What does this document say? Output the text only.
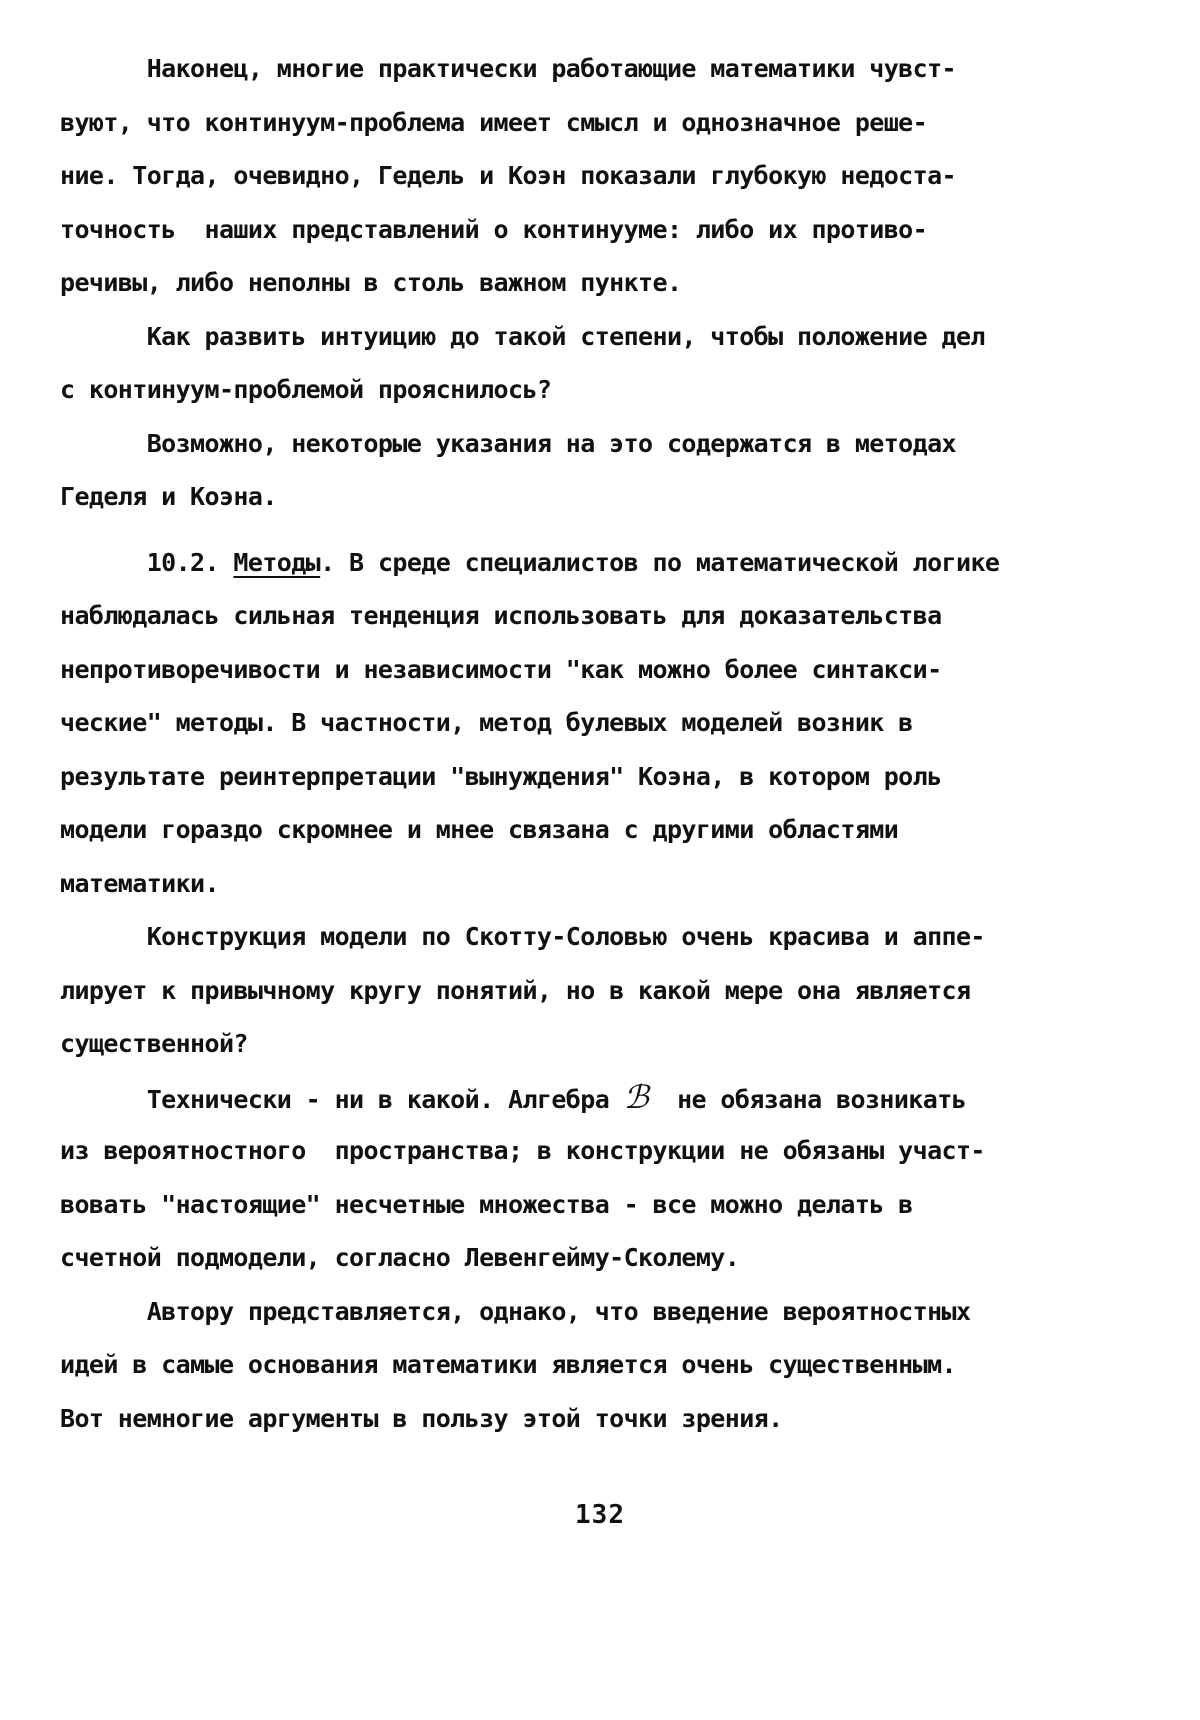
Наконец, многие практически работающие математики чувст-
вуют, что континуум-проблема имеет смысл и однозначное реше-
ние. Тогда, очевидно, Гедель и Коэн показали глубокую недоста-
точность  наших представлений о континууме: либо их противо-
речивы, либо неполны в столь важном пункте.
Как развить интуицию до такой степени, чтобы положение дел
с континуум-проблемой прояснилось?
Возможно, некоторые указания на это содержатся в методах
Геделя и Коэна.
10.2. Методы. В среде специалистов по математической логике
наблюдалась сильная тенденция использовать для доказательства
непротиворечивости и независимости "как можно более синтакси-
ческие" методы. В частности, метод булевых моделей возник в
результате реинтерпретации "вынуждения" Коэна, в котором роль
модели гораздо скромнее и мнее связана с другими областями
математики.
Конструкция модели по Скотту-Соловью очень красива и аппе-
лирует к привычному кругу понятий, но в какой мере она является
существенной?
Технически - ни в какой. Алгебра ℬ  не обязана возникать
из вероятностного  пространства; в конструкции не обязаны участ-
вовать "настоящие" несчетные множества - все можно делать в
счетной подмодели, согласно Левенгейму-Сколему.
Автору представляется, однако, что введение вероятностных
идей в самые основания математики является очень существенным.
Вот немногие аргументы в пользу этой точки зрения.
132
